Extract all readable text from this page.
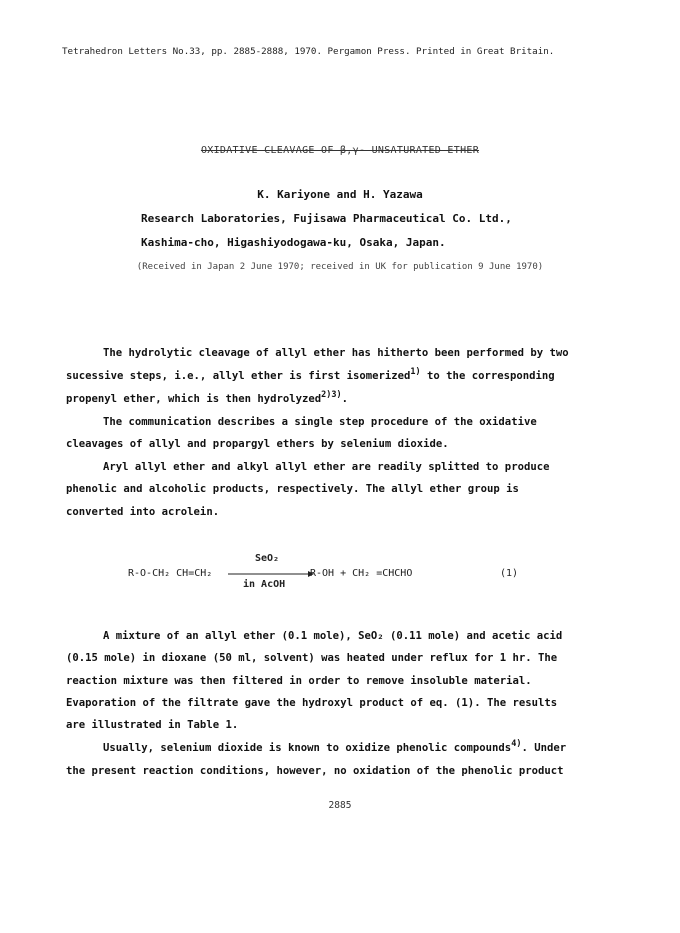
Tetrahedron Letters No.33, pp. 2885-2888, 1970. Pergamon Press. Printed in Great Britain.
OXIDATIVE CLEAVAGE OF β,γ- UNSATURATED ETHER
K. Kariyone and H. Yazawa
Research Laboratories, Fujisawa Pharmaceutical Co. Ltd.,
Kashima-cho, Higashiyodogawa-ku, Osaka, Japan.
(Received in Japan 2 June 1970; received in UK for publication 9 June 1970)
The hydrolytic cleavage of allyl ether has hitherto been performed by two
sucessive steps, i.e., allyl ether is first isomerized$^{1)}$ to the corresponding
propenyl ether, which is then hydrolyzed$^{2)3)}$.
The communication describes a single step procedure of the oxidative
cleavages of allyl and propargyl ethers by selenium dioxide.
Aryl allyl ether and alkyl allyl ether are readily splitted to produce
phenolic and alcoholic products, respectively. The allyl ether group is
converted into acrolein.
R-O-CH₂ CH=CH₂
SeO₂
in AcOH
R-OH + CH₂ =CHCHO	(1)
A mixture of an allyl ether (0.1 mole), SeO₂ (0.11 mole) and acetic acid
(0.15 mole) in dioxane (50 ml, solvent) was heated under reflux for 1 hr. The
reaction mixture was then filtered in order to remove insoluble material.
Evaporation of the filtrate gave the hydroxyl product of eq. (1). The results
are illustrated in Table 1.
Usually, selenium dioxide is known to oxidize phenolic compounds$^{4)}$. Under
the present reaction conditions, however, no oxidation of the phenolic product
2885
